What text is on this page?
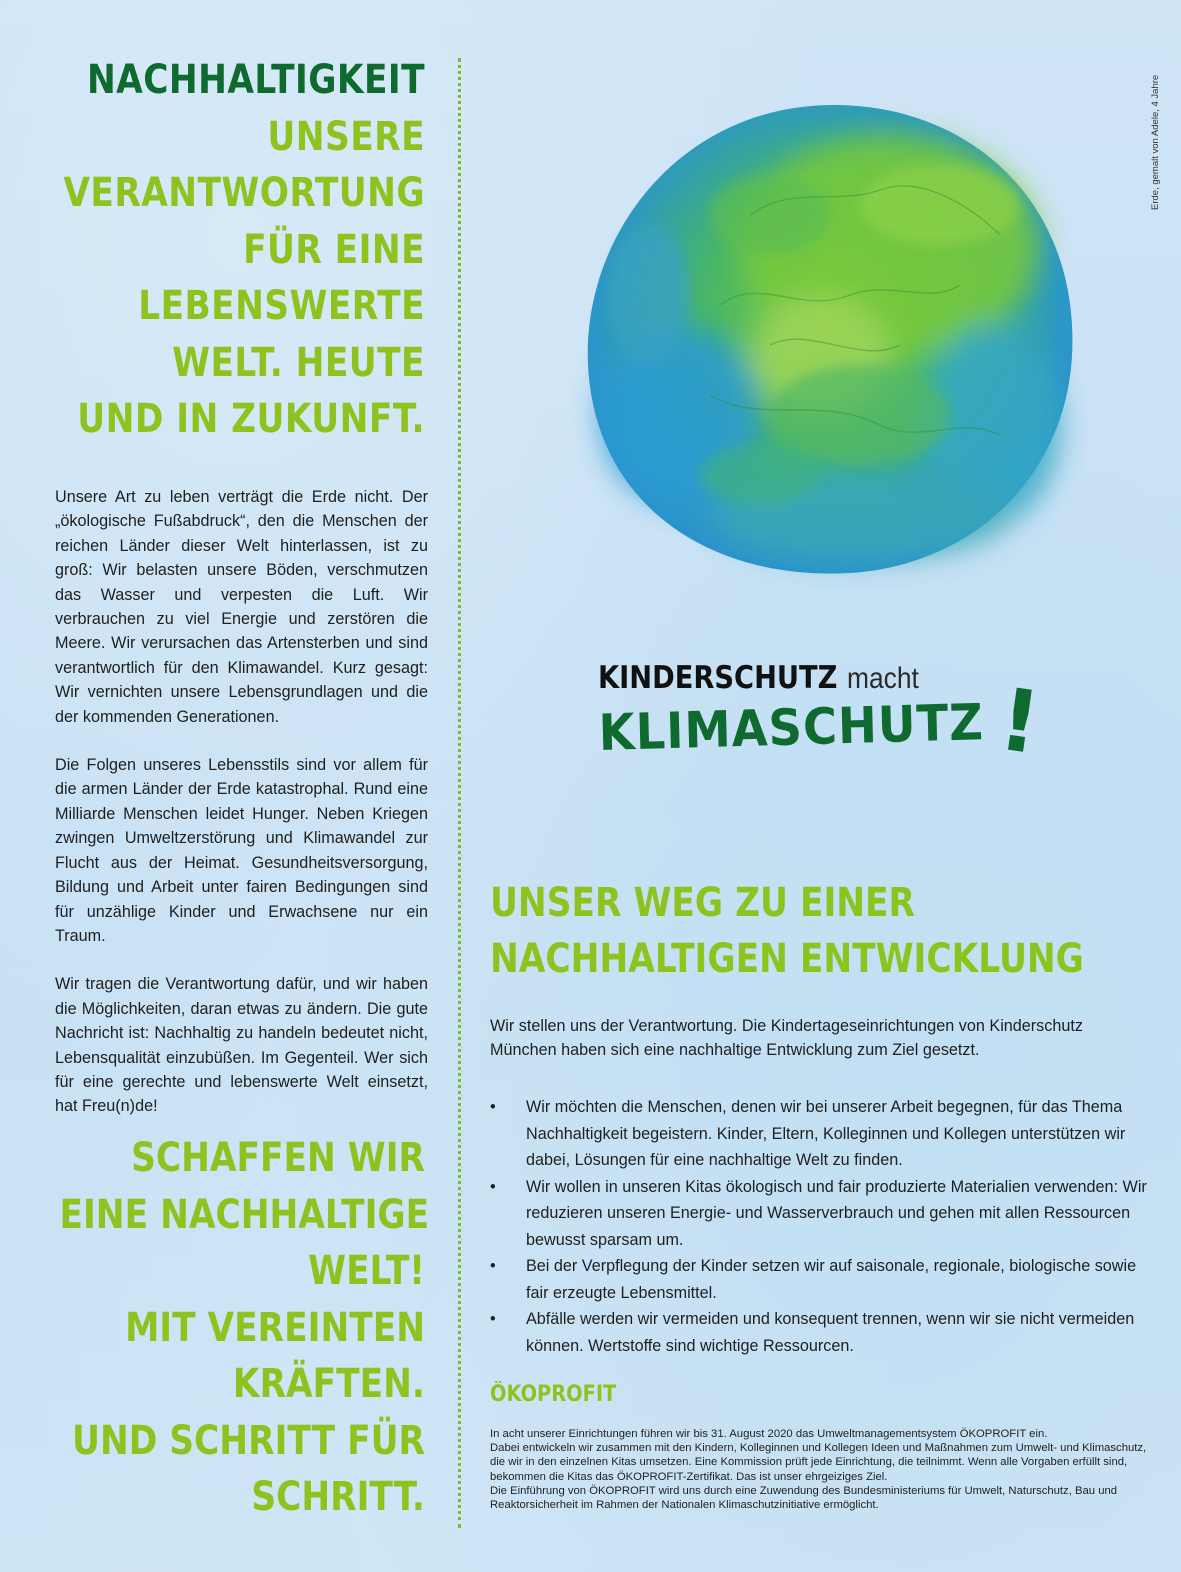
NACHHALTIGKEIT
UNSERE
VERANTWORTUNG
FÜR EINE
LEBENSWERTE
WELT. HEUTE
UND IN ZUKUNFT.

Unsere Art zu leben verträgt die Erde nicht. Der „ökologische Fußabdruck“, den die Menschen der reichen Länder dieser Welt hinterlassen, ist zu groß: Wir belasten unsere Böden, verschmutzen das Wasser und verpesten die Luft. Wir verbrauchen zu viel Energie und zerstören die Meere. Wir verursachen das Artensterben und sind verantwortlich für den Klimawandel. Kurz gesagt: Wir vernichten unsere Lebensgrundlagen und die der kommenden Generationen.

Die Folgen unseres Lebensstils sind vor allem für die armen Länder der Erde katastrophal. Rund eine Milliarde Menschen leidet Hunger. Neben Kriegen zwingen Umweltzerstörung und Klimawandel zur Flucht aus der Heimat. Gesundheitsversorgung, Bildung und Arbeit unter fairen Bedingungen sind für unzählige Kinder und Erwachsene nur ein Traum.

Wir tragen die Verantwortung dafür, und wir haben die Möglichkeiten, daran etwas zu ändern. Die gute Nachricht ist: Nachhaltig zu handeln bedeutet nicht, Lebensqualität einzubüßen. Im Gegenteil. Wer sich für eine gerechte und lebenswerte Welt einsetzt, hat Freu(n)de!

SCHAFFEN WIR
EINE NACHHALTIGE
WELT!
MIT VEREINTEN
KRÄFTEN.
UND SCHRITT FÜR
SCHRITT.
Erde, gemalt von Adele, 4 Jahre
KINDERSCHUTZ macht
KLIMASCHUTZ !
UNSER WEG ZU EINER
NACHHALTIGEN ENTWICKLUNG
Wir stellen uns der Verantwortung. Die Kindertageseinrichtungen von Kinderschutz München haben sich eine nachhaltige Entwicklung zum Ziel gesetzt.
• Wir möchten die Menschen, denen wir bei unserer Arbeit begegnen, für das Thema Nachhaltigkeit begeistern. Kinder, Eltern, Kolleginnen und Kollegen unterstützen wir dabei, Lösungen für eine nachhaltige Welt zu finden.
• Wir wollen in unseren Kitas ökologisch und fair produzierte Materialien verwenden: Wir reduzieren unseren Energie- und Wasserverbrauch und gehen mit allen Ressourcen bewusst sparsam um.
• Bei der Verpflegung der Kinder setzen wir auf saisonale, regionale, biologische sowie fair erzeugte Lebensmittel.
• Abfälle werden wir vermeiden und konsequent trennen, wenn wir sie nicht vermeiden können. Wertstoffe sind wichtige Ressourcen.
ÖKOPROFIT
In acht unserer Einrichtungen führen wir bis 31. August 2020 das Umweltmanagementsystem ÖKOPROFIT ein.
Dabei entwickeln wir zusammen mit den Kindern, Kolleginnen und Kollegen Ideen und Maßnahmen zum Umwelt- und Klimaschutz,
die wir in den einzelnen Kitas umsetzen. Eine Kommission prüft jede Einrichtung, die teilnimmt. Wenn alle Vorgaben erfüllt sind,
bekommen die Kitas das ÖKOPROFIT-Zertifikat. Das ist unser ehrgeiziges Ziel.
Die Einführung von ÖKOPROFIT wird uns durch eine Zuwendung des Bundesministeriums für Umwelt, Naturschutz, Bau und
Reaktorsicherheit im Rahmen der Nationalen Klimaschutzinitiative ermöglicht.
